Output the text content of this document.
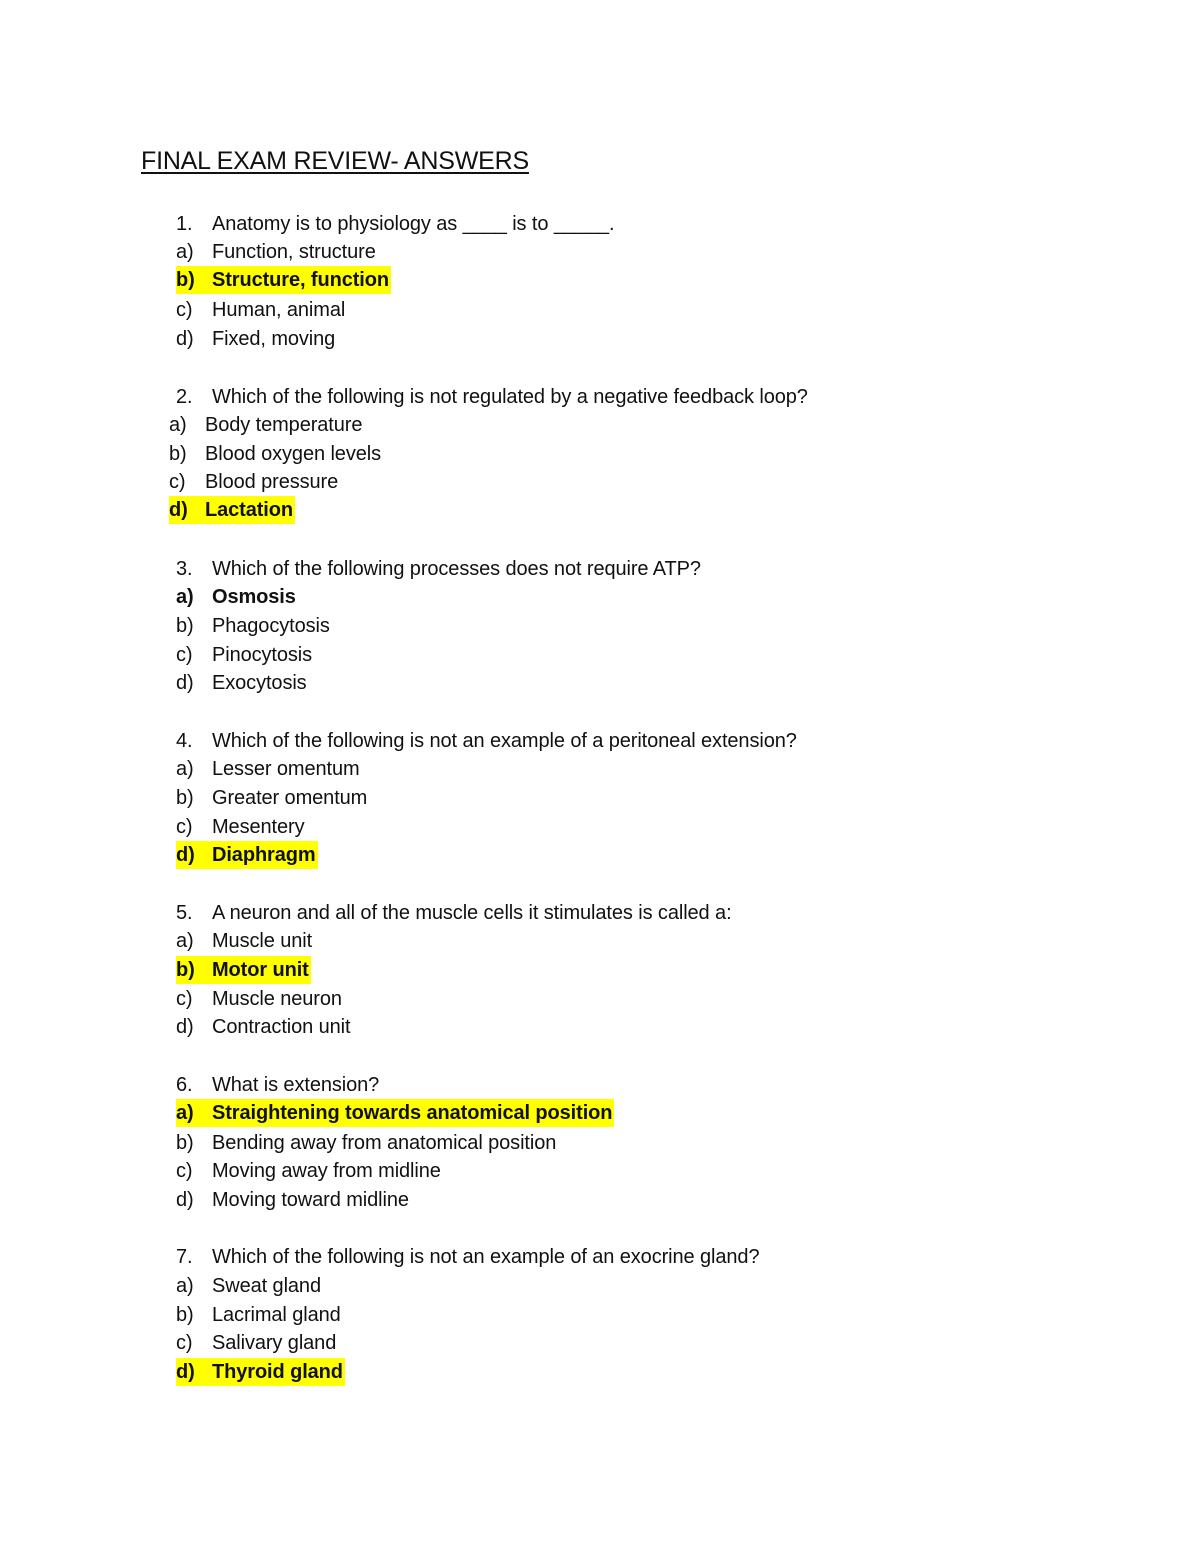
FINAL EXAM REVIEW- ANSWERS
1. Anatomy is to physiology as ____ is to _____.
a) Function, structure
b) Structure, function
c) Human, animal
d) Fixed, moving
2. Which of the following is not regulated by a negative feedback loop?
a) Body temperature
b) Blood oxygen levels
c) Blood pressure
d) Lactation
3. Which of the following processes does not require ATP?
a) Osmosis
b) Phagocytosis
c) Pinocytosis
d) Exocytosis
4. Which of the following is not an example of a peritoneal extension?
a) Lesser omentum
b) Greater omentum
c) Mesentery
d) Diaphragm
5. A neuron and all of the muscle cells it stimulates is called a:
a) Muscle unit
b) Motor unit
c) Muscle neuron
d) Contraction unit
6. What is extension?
a) Straightening towards anatomical position
b) Bending away from anatomical position
c) Moving away from midline
d) Moving toward midline
7. Which of the following is not an example of an exocrine gland?
a) Sweat gland
b) Lacrimal gland
c) Salivary gland
d) Thyroid gland
